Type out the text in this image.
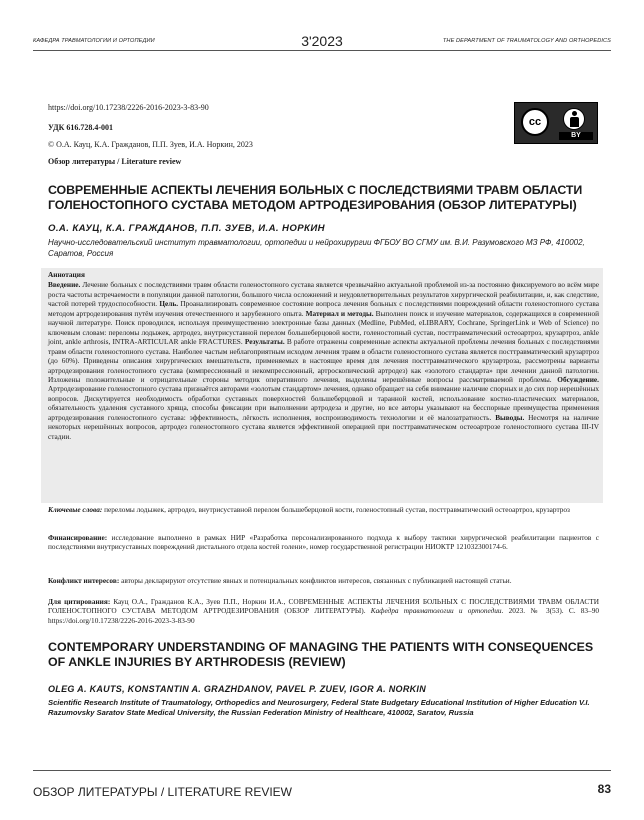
КАФЕДРА ТРАВМАТОЛОГИИ И ОРТОПЕДИИ	3'2023	THE DEPARTMENT OF TRAUMATOLOGY AND ORTHOPEDICS
https://doi.org/10.17238/2226-2016-2023-3-83-90
УДК 616.728.4-001
© О.А. Кауц, К.А. Гражданов, П.П. Зуев, И.А. Норкин, 2023
Обзор литературы / Literature review
cc
BY
СОВРЕМЕННЫЕ АСПЕКТЫ ЛЕЧЕНИЯ БОЛЬНЫХ С ПОСЛЕДСТВИЯМИ ТРАВМ ОБЛАСТИ ГОЛЕНОСТОПНОГО СУСТАВА МЕТОДОМ АРТРОДЕЗИРОВАНИЯ (ОБЗОР ЛИТЕРАТУРЫ)
О.А. КАУЦ, К.А. ГРАЖДАНОВ, П.П. ЗУЕВ, И.А. НОРКИН
Научно-исследовательский институт травматологии, ортопедии и нейрохирургии ФГБОУ ВО СГМУ им. В.И. Разумовского МЗ РФ, 410002, Саратов, Россия

Аннотация

Введение. Лечение больных с последствиями травм области голеностопного сустава является чрезвычайно актуальной проблемой из-за постоянно фиксируемого во всём мире роста частоты встречаемости в популяции данной патологии, большого числа осложнений и неудовлетворительных результатов хирургической реабилитации, и, как следствие, частой потерей трудоспособности. Цель. Проанализировать современное состояние вопроса лечения больных с последствиями повреждений области голеностопного сустава методом артродезирования путём изучения отечественного и зарубежного опыта. Материал и методы. Выполнен поиск и изучение материалов, содержащихся в современной научной литературе. Поиск проводился, используя преимущественно электронные базы данных (Medline, PubMed, eLIBRARY, Cochrane, SpringerLink и Web of Science) по ключевым словам: переломы лодыжек, артродез, внутрисуставной перелом большеберцовой кости, голеностопный сустав, посттравматический остеоартроз, крузартроз, ankle joint, ankle arthrosis, INTRA-ARTICULAR ankle FRACTURES. Результаты. В работе отражены современные аспекты актуальной проблемы лечения больных с последствиями травм области голеностопного сустава. Наиболее частым неблагоприятным исходом лечения травм в области голеностопного сустава является посттравматический крузартроз (до 60%). Приведены описания хирургических вмешательств, применяемых в настоящее время для лечения посттравматического крузартроза, рассмотрены варианты артродезирования голеностопного сустава (компрессионный и некомпрессионный, артроскопический артродез) как «золотого стандарта» при лечении данной патологии. Изложены положительные и отрицательные стороны методик оперативного лечения, выделены нерешённые вопросы рассматриваемой проблемы. Обсуждение. Артродезирование голеностопного сустава признаётся авторами «золотым стандартом» лечения, однако обращает на себя внимание наличие спорных и до сих пор нерешённых вопросов. Дискутируется необходимость обработки суставных поверхностей большеберцовой и таранной костей, использование костно-пластических материалов, обязательность удаления суставного хряща, способы фиксации при выполнении артродеза и другие, но все авторы указывают на бесспорные преимущества применения артродезирования голеностопного сустава: эффективность, лёгкость исполнения, воспроизводимость технологии и её малозатратность. Выводы. Несмотря на наличие некоторых нерешённых вопросов, артродез голеностопного сустава является эффективной операцией при посттравматическом остеоартрозе голеностопного сустава III-IV стадии.

Ключевые слова: переломы лодыжек, артродез, внутрисуставной перелом большеберцовой кости, голеностопный сустав, посттравматический остеоартроз, крузартроз
Финансирование: исследование выполнено в рамках НИР «Разработка персонализированного подхода к выбору тактики хирургической реабилитации пациентов с последствиями внутрисуставных повреждений дистального отдела костей голени», номер государственной регистрации НИОКТР 121032300174-6.
Конфликт интересов: авторы декларируют отсутствие явных и потенциальных конфликтов интересов, связанных с публикацией настоящей статьи.
Для цитирования: Кауц О.А., Гражданов К.А., Зуев П.П., Норкин И.А., СОВРЕМЕННЫЕ АСПЕКТЫ ЛЕЧЕНИЯ БОЛЬНЫХ С ПОСЛЕДСТВИЯМИ ТРАВМ ОБЛАСТИ ГОЛЕНОСТОПНОГО СУСТАВА МЕТОДОМ АРТРОДЕЗИРОВАНИЯ (ОБЗОР ЛИТЕРАТУРЫ). Кафедра травматологии и ортопедии. 2023. № 3(53). С. 83–90 https://doi.org/10.17238/2226-2016-2023-3-83-90
CONTEMPORARY UNDERSTANDING OF MANAGING THE PATIENTS WITH CONSEQUENCES OF ANKLE INJURIES BY ARTHRODESIS (REVIEW)
OLEG A. KAUTS, KONSTANTIN A. GRAZHDANOV, PAVEL P. ZUEV, IGOR A. NORKIN
Scientific Research Institute of Traumatology, Orthopedics and Neurosurgery, Federal State Budgetary Educational Institution of Higher Education V.I. Razumovsky Saratov State Medical University, the Russian Federation Ministry of Healthcare, 410002, Saratov, Russia
ОБЗОР ЛИТЕРАТУРЫ / LITERATURE REVIEW	83
